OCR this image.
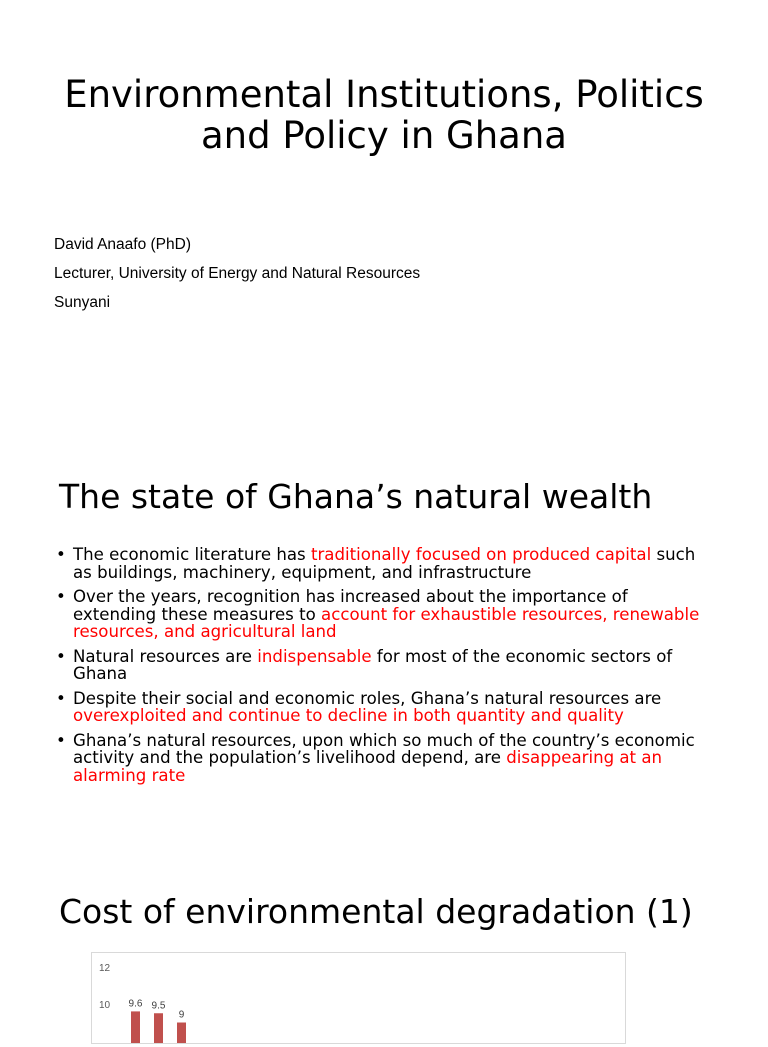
Environmental Institutions, Politics
and Policy in Ghana
David Anaafo (PhD)
Lecturer, University of Energy and Natural Resources
Sunyani
The state of Ghana’s natural wealth
• The economic literature has traditionally focused on produced capital such as buildings, machinery, equipment, and infrastructure
• Over the years, recognition has increased about the importance of extending these measures to account for exhaustible resources, renewable resources, and agricultural land
• Natural resources are indispensable for most of the economic sectors of Ghana
• Despite their social and economic roles, Ghana’s natural resources are overexploited and continue to decline in both quantity and quality
• Ghana’s natural resources, upon which so much of the country’s economic activity and the population’s livelihood depend, are disappearing at an alarming rate
Cost of environmental degradation (1)
12
10 9.6 9.5
9
